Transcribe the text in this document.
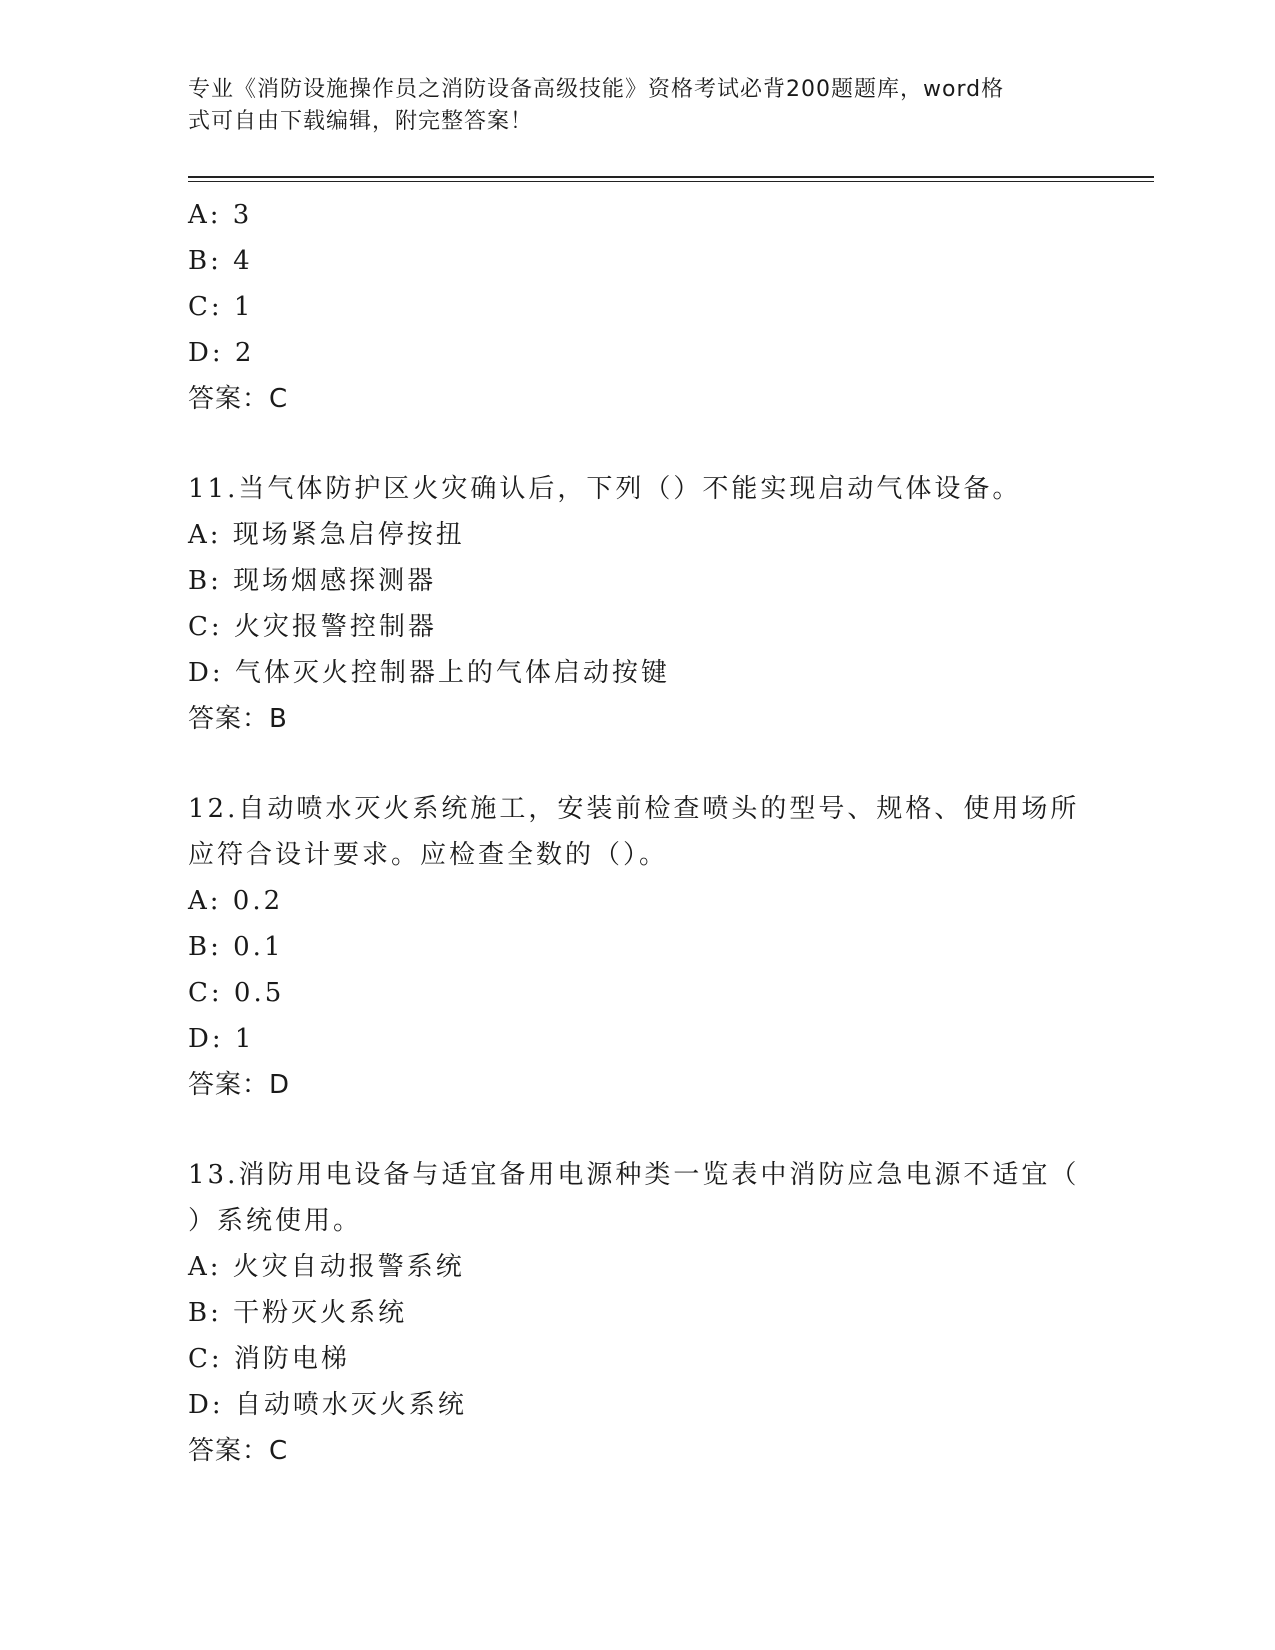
专业《消防设施操作员之消防设备高级技能》资格考试必背200题题库，word格
式可自由下载编辑，附完整答案！
A: 3
B: 4
C: 1
D: 2
答案：C
11.当气体防护区火灾确认后，下列（）不能实现启动气体设备。
A: 现场紧急启停按扭
B: 现场烟感探测器
C: 火灾报警控制器
D: 气体灭火控制器上的气体启动按键
答案：B
12.自动喷水灭火系统施工，安装前检查喷头的型号、规格、使用场所
应符合设计要求。应检查全数的（）。
A: 0.2
B: 0.1
C: 0.5
D: 1
答案：D
13.消防用电设备与适宜备用电源种类一览表中消防应急电源不适宜（
）系统使用。
A: 火灾自动报警系统
B: 干粉灭火系统
C: 消防电梯
D: 自动喷水灭火系统
答案：C
